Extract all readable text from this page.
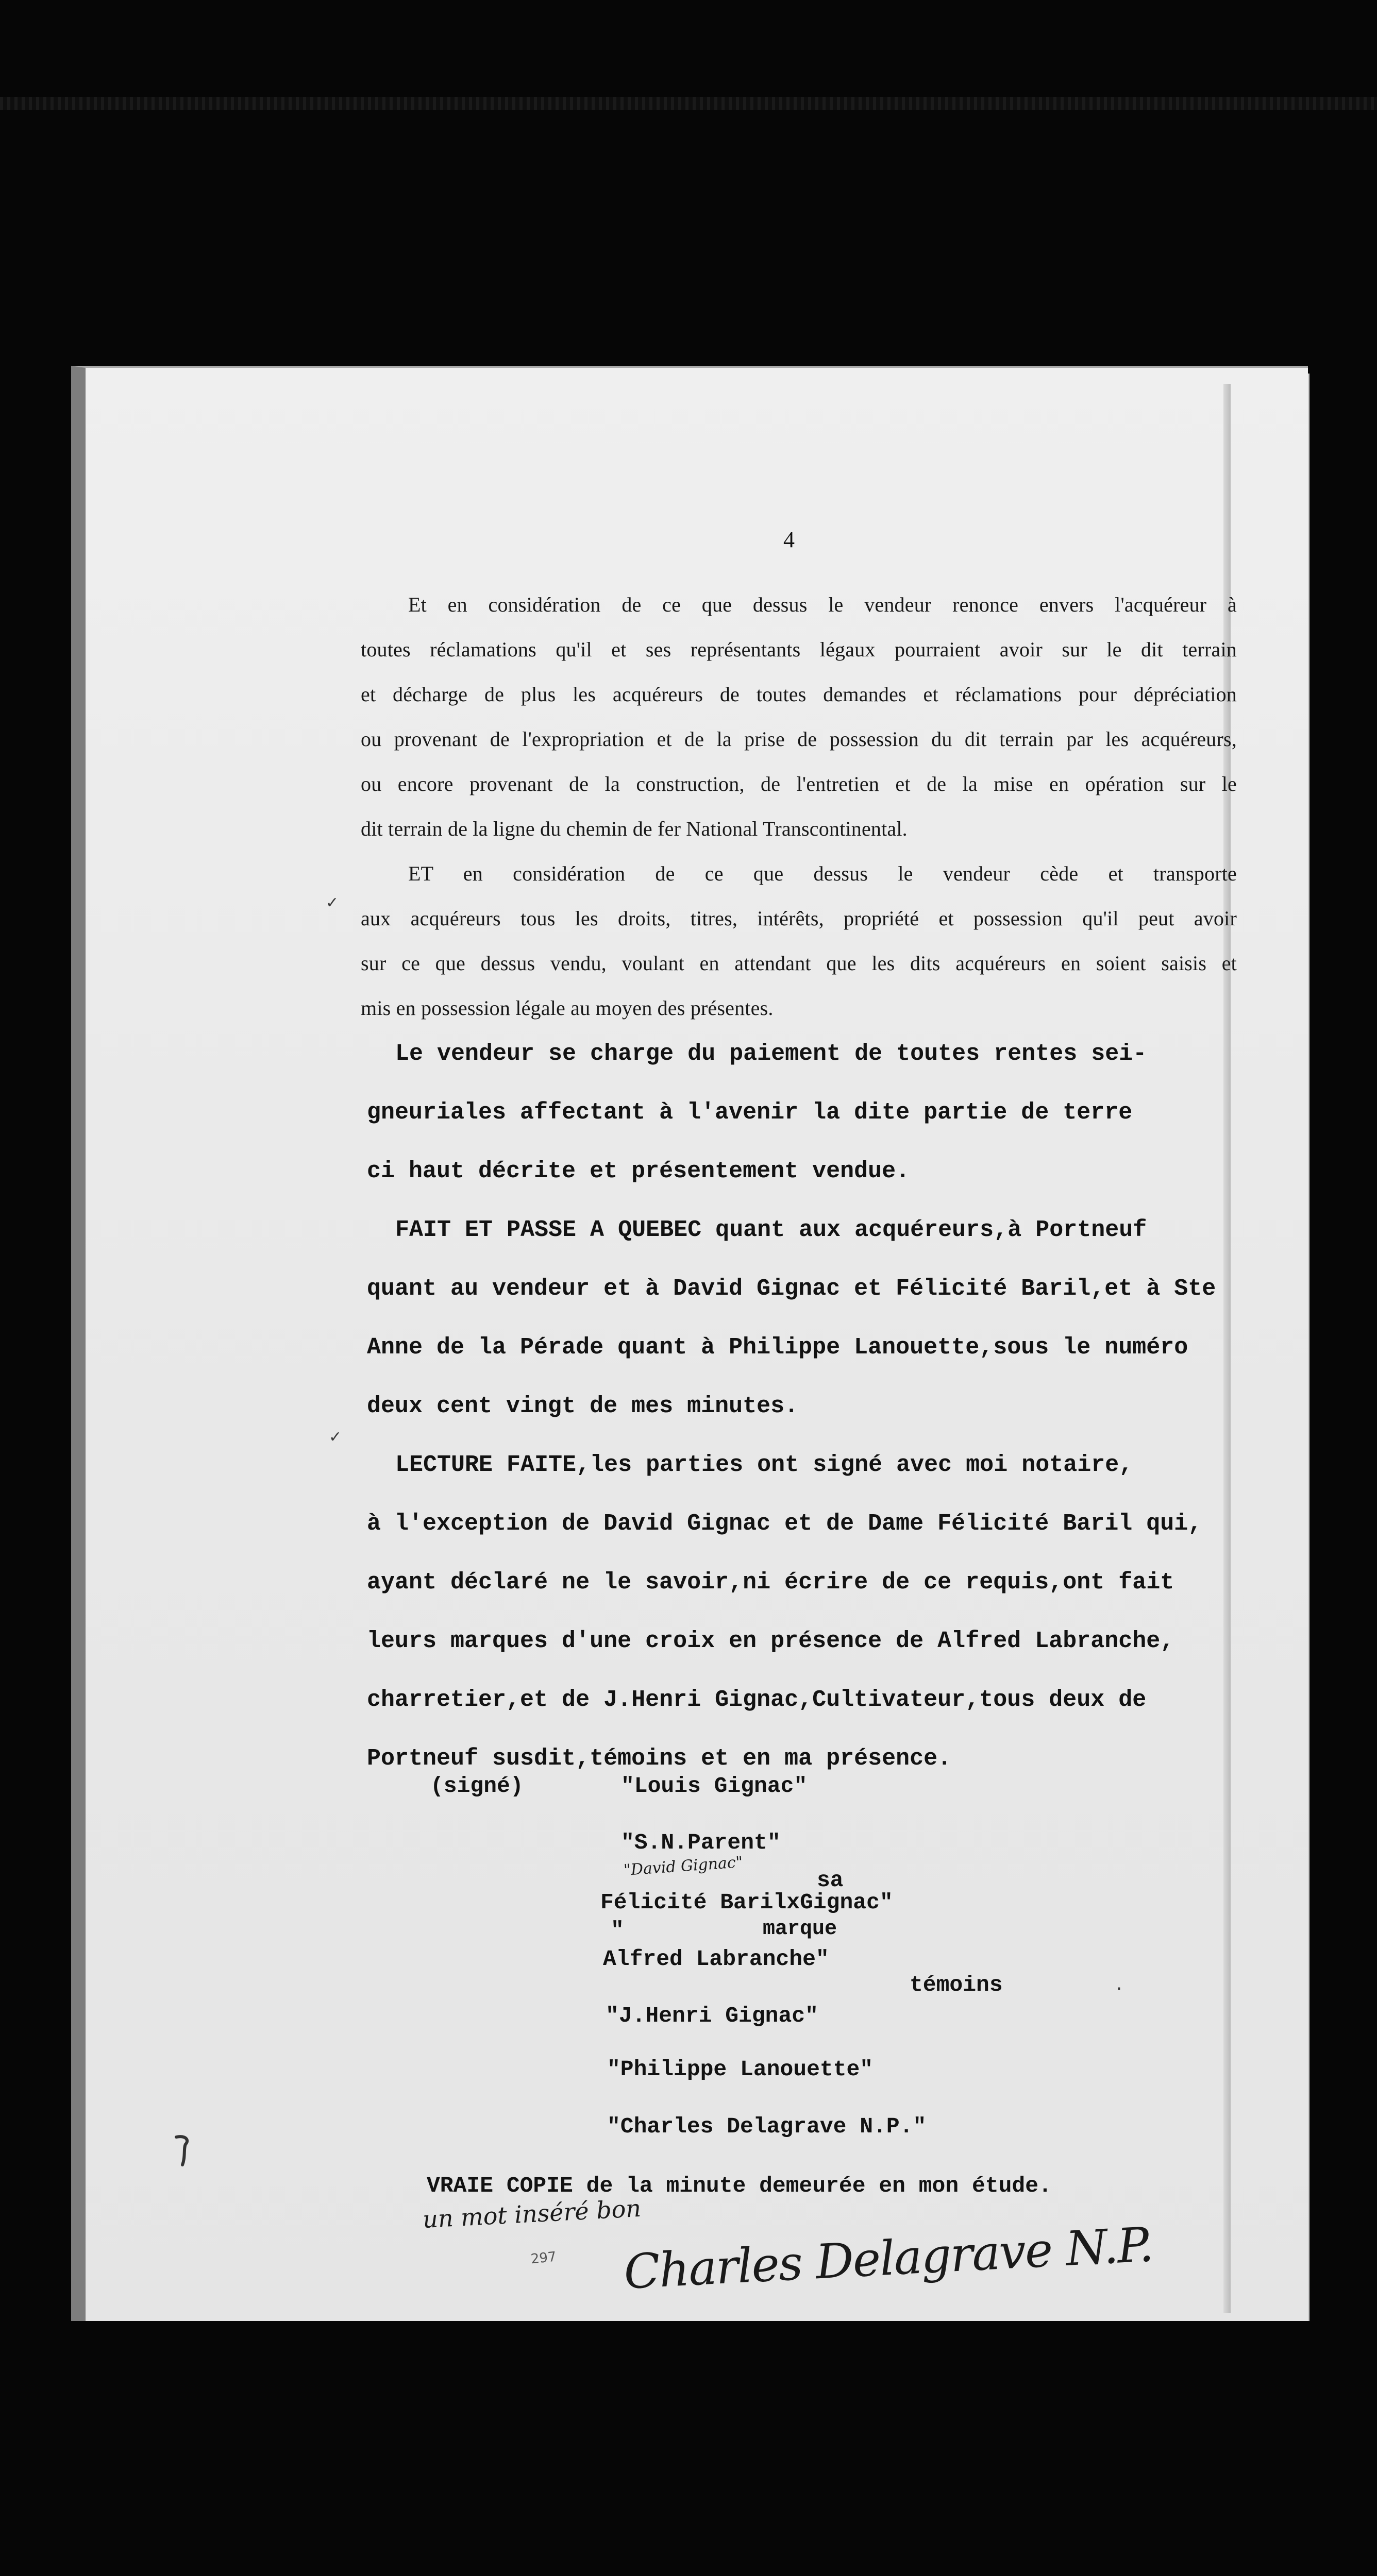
4
Et en considération de ce que dessus le vendeur renonce envers l'acquéreur à
toutes réclamations qu'il et ses représentants légaux pourraient avoir sur le dit terrain
et décharge de plus les acquéreurs de toutes demandes et réclamations pour dépréciation
ou provenant de l'expropriation et de la prise de possession du dit terrain par les acquéreurs,
ou encore provenant de la construction, de l'entretien et de la mise en opération sur le
dit terrain de la ligne du chemin de fer National Transcontinental.
ET en considération de ce que dessus le vendeur cède et transporte
aux acquéreurs tous les droits, titres, intérêts, propriété et possession qu'il peut avoir
sur ce que dessus vendu, voulant en attendant que les dits acquéreurs en soient saisis et
mis en possession légale au moyen des présentes.
Le vendeur se charge du paiement de toutes rentes sei-
gneuriales affectant à l'avenir la dite partie de terre
ci haut décrite et présentement vendue.
FAIT ET PASSE A QUEBEC quant aux acquéreurs,à Portneuf
quant au vendeur et à David Gignac et Félicité Baril,et à Ste
Anne de la Pérade quant à Philippe Lanouette,sous le numéro
deux cent vingt de mes minutes.
LECTURE FAITE,les parties ont signé avec moi notaire,
à l'exception de David Gignac et de Dame Félicité Baril qui,
ayant déclaré ne le savoir,ni écrire de ce requis,ont fait
leurs marques d'une croix en présence de Alfred Labranche,
charretier,et de J.Henri Gignac,Cultivateur,tous deux de
Portneuf susdit,témoins et en ma présence.
(signé)	"Louis Gignac"
"S.N.Parent"
"David Gignac"
sa
Félicité BarilxGignac"
"	marque
Alfred Labranche"
témoins
"J.Henri Gignac"
"Philippe Lanouette"
"Charles Delagrave N.P."
VRAIE COPIE de la minute demeurée en mon étude.
un mot inséré bon
297 Charles Delagrave N.P.
✓
✓
·
